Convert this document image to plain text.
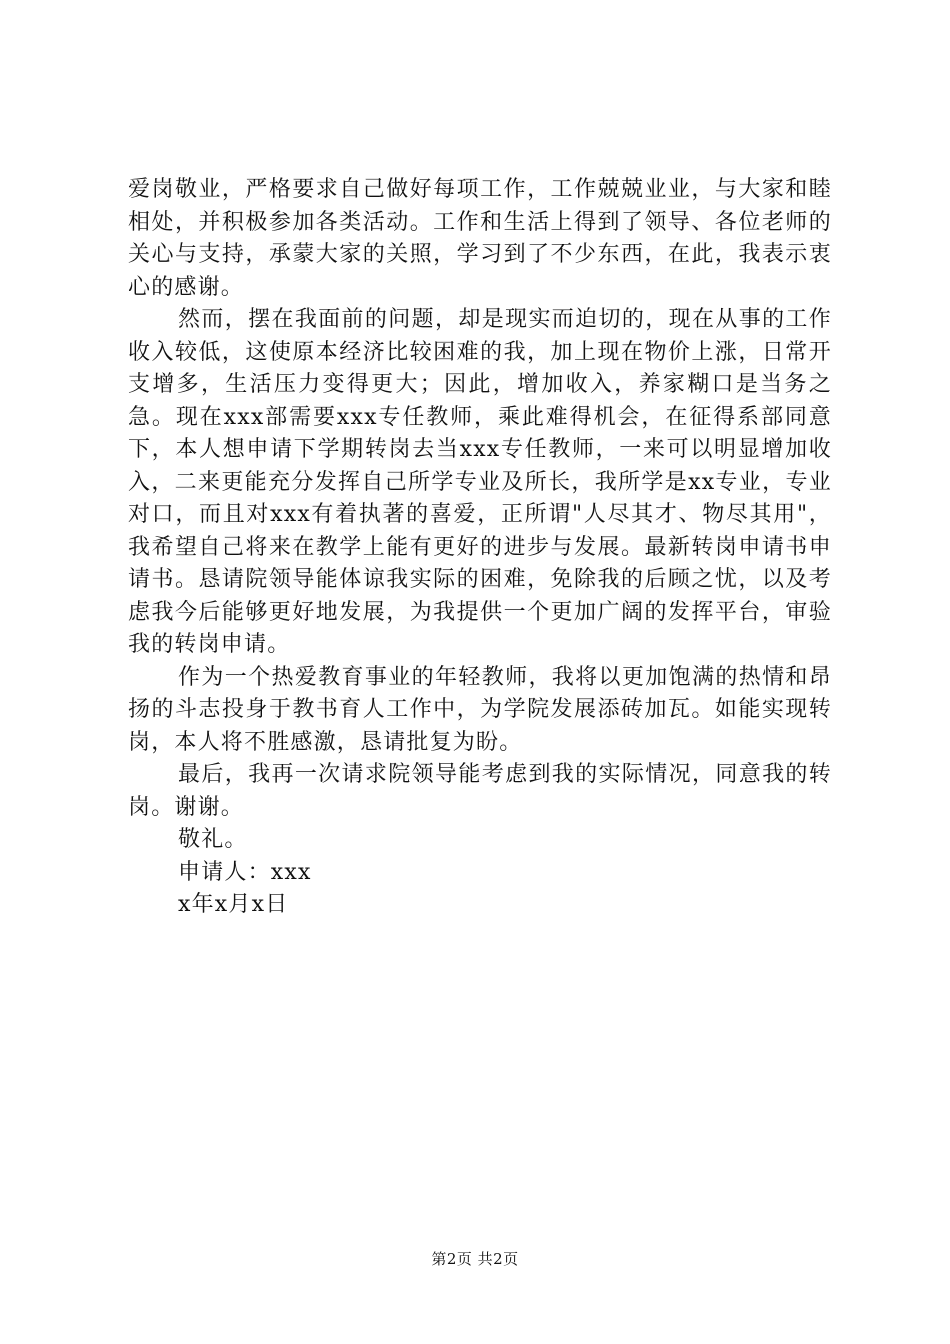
爱岗敬业，严格要求自己做好每项工作，工作兢兢业业，与大家和睦相处，并积极参加各类活动。工作和生活上得到了领导、各位老师的关心与支持，承蒙大家的关照，学习到了不少东西，在此，我表示衷心的感谢。

然而，摆在我面前的问题，却是现实而迫切的，现在从事的工作收入较低，这使原本经济比较困难的我，加上现在物价上涨，日常开支增多，生活压力变得更大；因此，增加收入，养家糊口是当务之急。现在xxx部需要xxx专任教师，乘此难得机会，在征得系部同意下，本人想申请下学期转岗去当xxx专任教师，一来可以明显增加收入，二来更能充分发挥自己所学专业及所长，我所学是xx专业，专业对口，而且对xxx有着执著的喜爱，正所谓"人尽其才、物尽其用"，我希望自己将来在教学上能有更好的进步与发展。最新转岗申请书申请书。恳请院领导能体谅我实际的困难，免除我的后顾之忧，以及考虑我今后能够更好地发展，为我提供一个更加广阔的发挥平台，审验我的转岗申请。

作为一个热爱教育事业的年轻教师，我将以更加饱满的热情和昂扬的斗志投身于教书育人工作中，为学院发展添砖加瓦。如能实现转岗，本人将不胜感激，恳请批复为盼。

最后，我再一次请求院领导能考虑到我的实际情况，同意我的转岗。谢谢。

敬礼。

申请人：xxx

x年x月x日

第2页 共2页
